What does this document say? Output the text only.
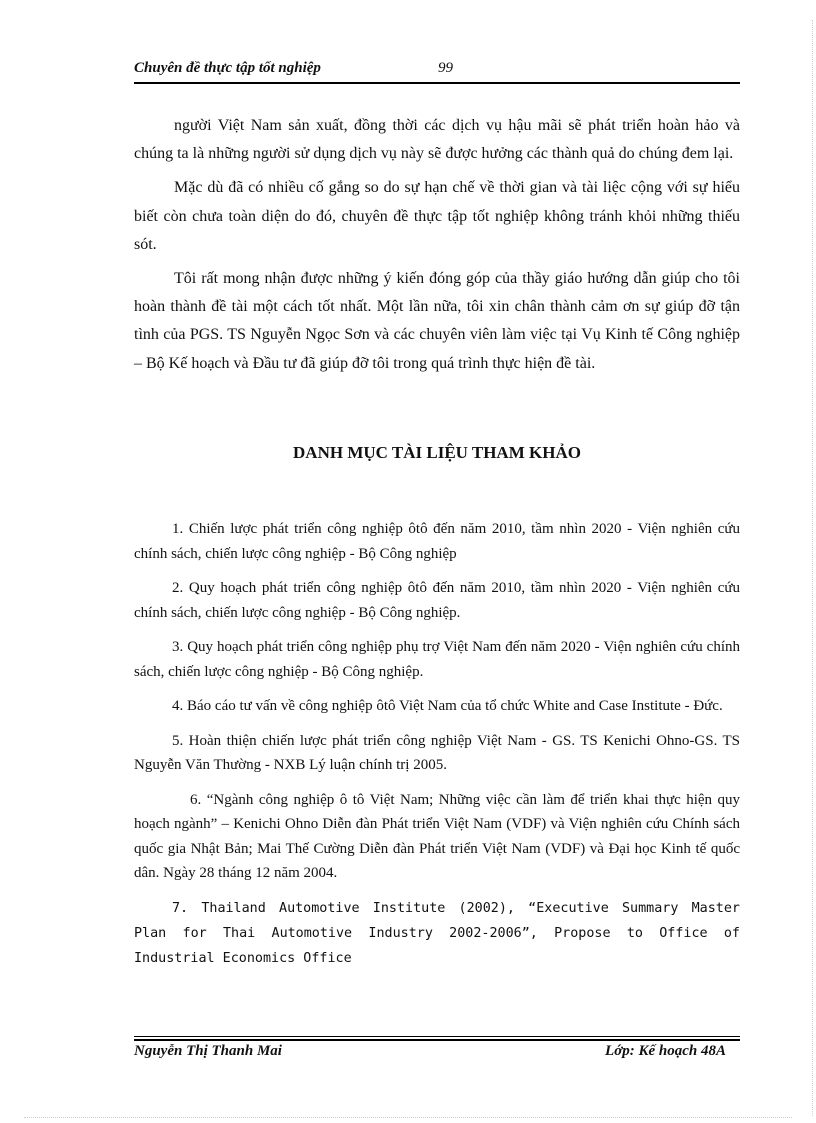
Chuyên đề thực tập tốt nghiệp	99

người Việt Nam sản xuất, đồng thời các dịch vụ hậu mãi sẽ phát triển hoàn hảo và chúng ta là những người sử dụng dịch vụ này sẽ được hưởng các thành quả do chúng đem lại.

Mặc dù đã có nhiều cố gắng so do sự hạn chế về thời gian và tài liệc cộng với sự hiểu biết còn chưa toàn diện do đó, chuyên đề thực tập tốt nghiệp không tránh khỏi những thiếu sót.

Tôi rất mong nhận được những ý kiến đóng góp của thầy giáo hướng dẫn giúp cho tôi hoàn thành đề tài một cách tốt nhất. Một lần nữa, tôi xin chân thành cảm ơn sự giúp đỡ tận tình của PGS. TS Nguyễn Ngọc Sơn và các chuyên viên làm việc tại Vụ Kinh tế Công nghiệp – Bộ Kế hoạch và Đầu tư đã giúp đỡ tôi trong quá trình thực hiện đề tài.

DANH MỤC TÀI LIỆU THAM KHẢO

1. Chiến lược phát triển công nghiệp ôtô đến năm 2010, tầm nhìn 2020 - Viện nghiên cứu chính sách, chiến lược công nghiệp - Bộ Công nghiệp

2. Quy hoạch phát triển công nghiệp ôtô đến năm 2010, tầm nhìn 2020 - Viện nghiên cứu chính sách, chiến lược công nghiệp - Bộ Công nghiệp.

3. Quy hoạch phát triển công nghiệp phụ trợ Việt Nam đến năm 2020 - Viện nghiên cứu chính sách, chiến lược công nghiệp - Bộ Công nghiệp.

4. Báo cáo tư vấn về công nghiệp ôtô Việt Nam của tổ chức White and Case Institute - Đức.

5. Hoàn thiện chiến lược phát triển công nghiệp Việt Nam - GS. TS Kenichi Ohno-GS. TS Nguyễn Văn Thường - NXB Lý luận chính trị 2005.

6. “Ngành công nghiệp ô tô Việt Nam; Những việc cần làm để triển khai thực hiện quy hoạch ngành” – Kenichi Ohno Diễn đàn Phát triển Việt Nam (VDF) và Viện nghiên cứu Chính sách quốc gia Nhật Bản; Mai Thế Cường Diễn đàn Phát triển Việt Nam (VDF) và Đại học Kinh tế quốc dân. Ngày 28 tháng 12 năm 2004.

7. Thailand Automotive Institute (2002), “Executive Summary Master Plan for Thai Automotive Industry 2002-2006”, Propose to Office of Industrial Economics Office

Nguyễn Thị Thanh Mai	Lớp: Kế hoạch 48A
